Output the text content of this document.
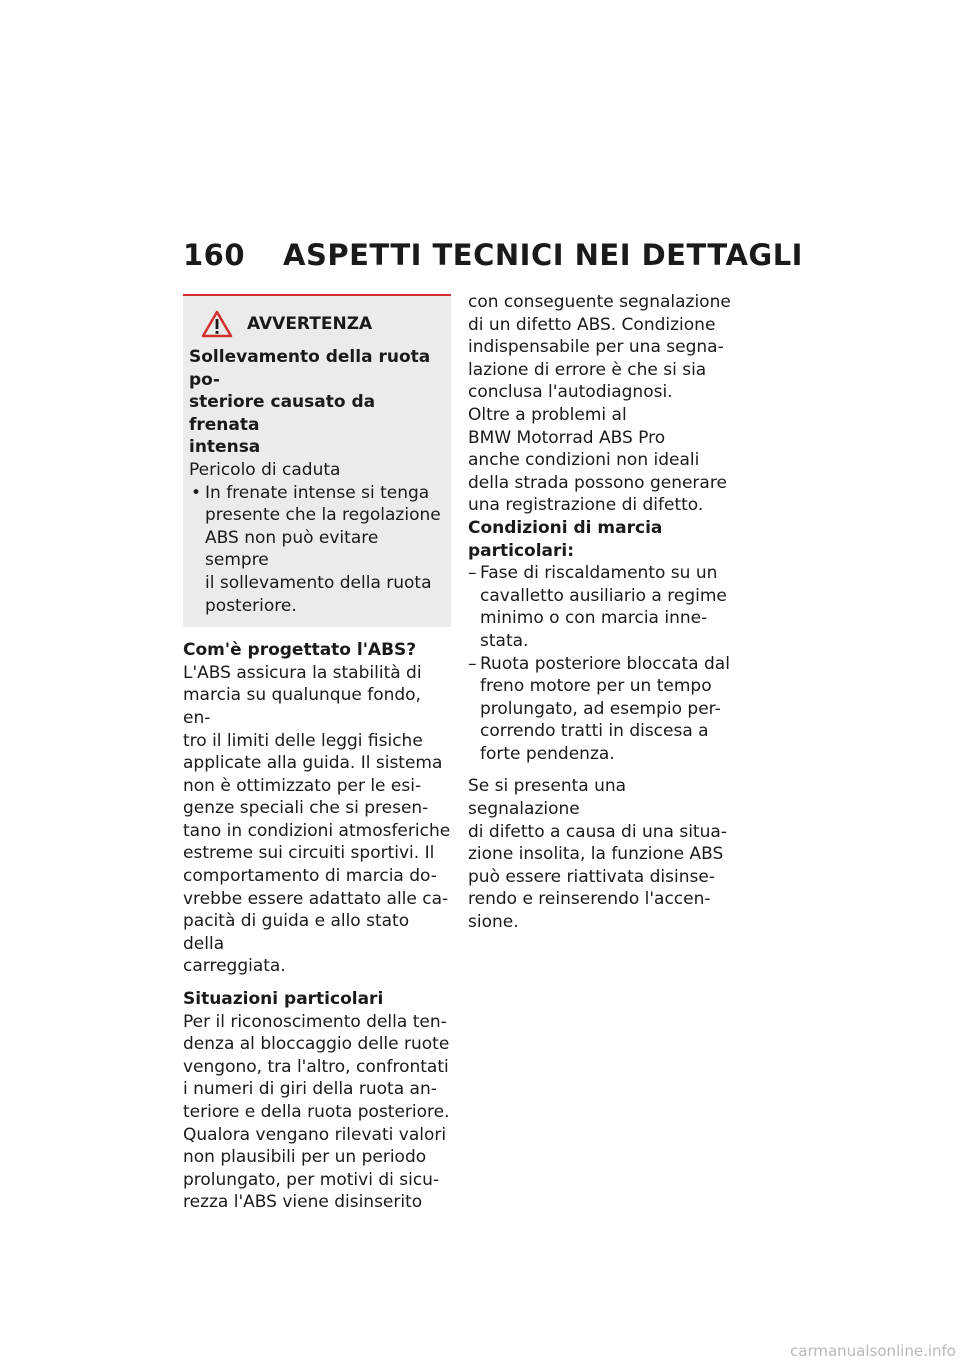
160 ASPETTI TECNICI NEI DETTAGLI
AVVERTENZA

Sollevamento della ruota po-
steriore causato da frenata
intensa

Pericolo di caduta

• In frenate intense si tenga
presente che la regolazione
ABS non può evitare sempre
il sollevamento della ruota
posteriore.

Com'è progettato l'ABS?

L'ABS assicura la stabilità di
marcia su qualunque fondo, en-
tro il limiti delle leggi fisiche
applicate alla guida. Il sistema
non è ottimizzato per le esi-
genze speciali che si presen-
tano in condizioni atmosferiche
estreme sui circuiti sportivi. Il
comportamento di marcia do-
vrebbe essere adattato alle ca-
pacità di guida e allo stato della
carreggiata.

Situazioni particolari

Per il riconoscimento della ten-
denza al bloccaggio delle ruote
vengono, tra l'altro, confrontati
i numeri di giri della ruota an-
teriore e della ruota posteriore.
Qualora vengano rilevati valori
non plausibili per un periodo
prolungato, per motivi di sicu-
rezza l'ABS viene disinserito

con conseguente segnalazione
di un difetto ABS. Condizione
indispensabile per una segna-
lazione di errore è che si sia
conclusa l'autodiagnosi.
Oltre a problemi al
BMW Motorrad ABS Pro
anche condizioni non ideali
della strada possono generare
una registrazione di difetto.

Condizioni di marcia
particolari:

– Fase di riscaldamento su un
cavalletto ausiliario a regime
minimo o con marcia inne-
stata.
– Ruota posteriore bloccata dal
freno motore per un tempo
prolungato, ad esempio per-
correndo tratti in discesa a
forte pendenza.

Se si presenta una segnalazione
di difetto a causa di una situa-
zione insolita, la funzione ABS
può essere riattivata disinse-
rendo e reinserendo l'accen-
sione.

carmanualsonline.info
